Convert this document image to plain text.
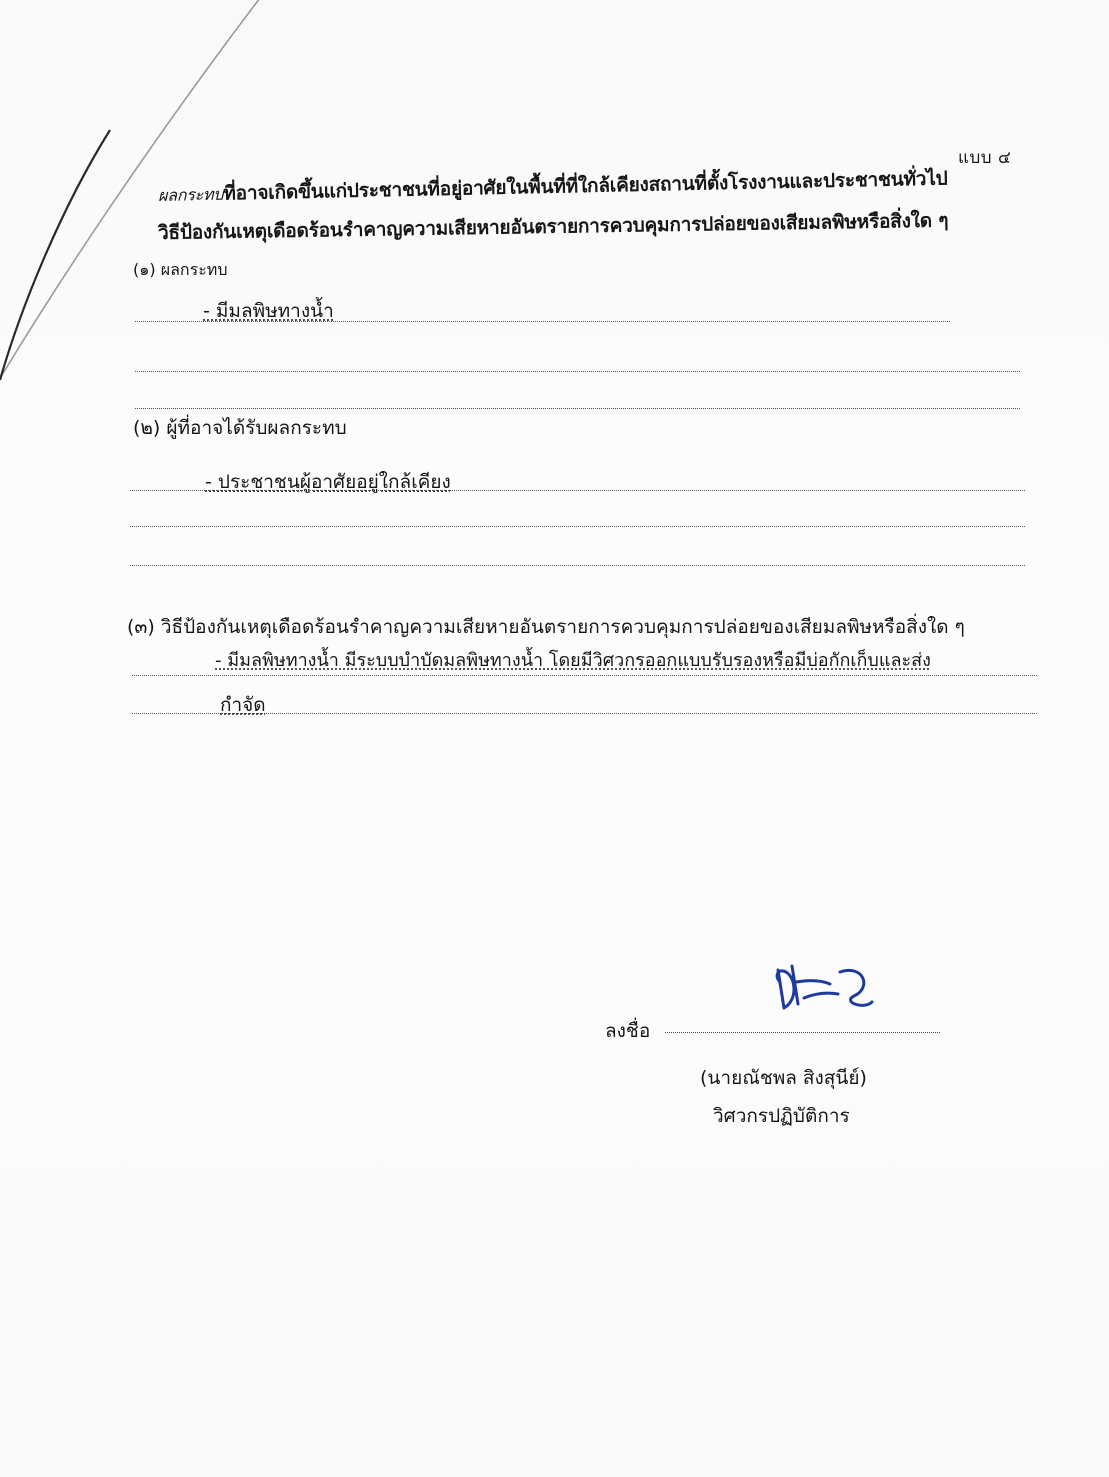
แบบ ๔
ผลกระทบที่อาจเกิดขึ้นแก่ประชาชนที่อยู่อาศัยในพื้นที่ที่ใกล้เคียงสถานที่ตั้งโรงงานและประชาชนทั่วไป
วิธีป้องกันเหตุเดือดร้อนรำคาญความเสียหายอันตรายการควบคุมการปล่อยของเสียมลพิษหรือสิ่งใด ๆ
(๑) ผลกระทบ
- มีมลพิษทางน้ำ
(๒) ผู้ที่อาจได้รับผลกระทบ
- ประชาชนผู้อาศัยอยู่ใกล้เคียง
(๓) วิธีป้องกันเหตุเดือดร้อนรำคาญความเสียหายอันตรายการควบคุมการปล่อยของเสียมลพิษหรือสิ่งใด ๆ
- มีมลพิษทางน้ำ มีระบบบำบัดมลพิษทางน้ำ โดยมีวิศวกรออกแบบรับรองหรือมีบ่อกักเก็บและส่ง
กำจัด
ลงชื่อ
(นายณัชพล สิงสุนีย์)
วิศวกรปฏิบัติการ
